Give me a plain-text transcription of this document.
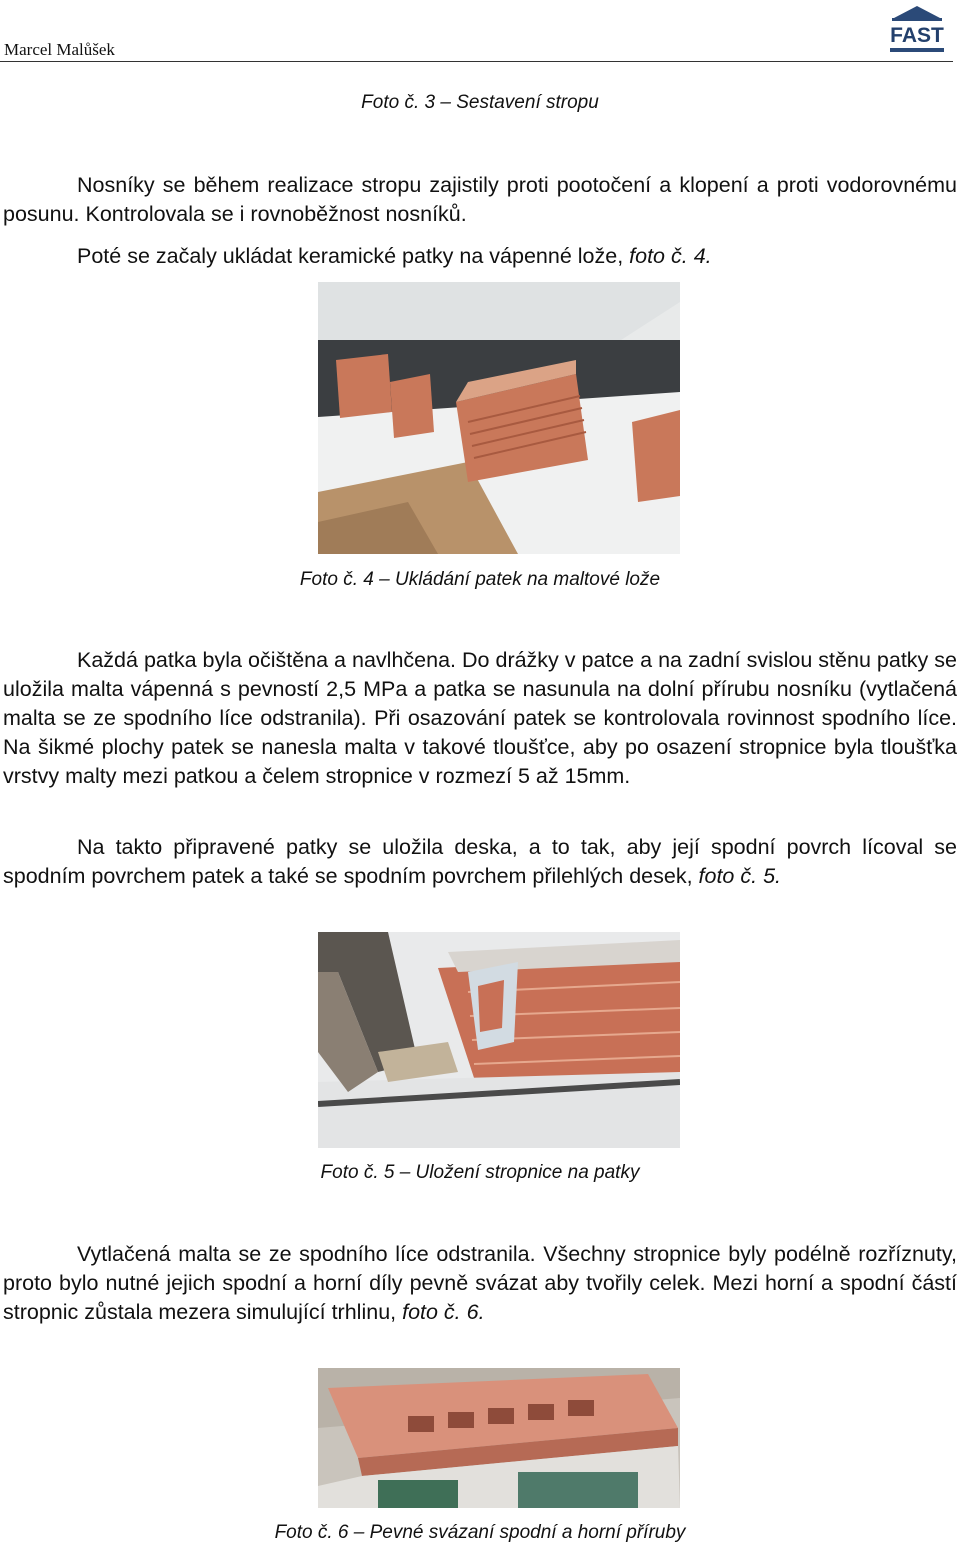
Marcel Malůšek
FAST
Foto č. 3 – Sestavení stropu
Nosníky se během realizace stropu zajistily proti pootočení a klopení a proti vodorovnému posunu. Kontrolovala se i rovnoběžnost nosníků.
Poté se začaly ukládat keramické patky na vápenné lože, foto č. 4.
Foto č. 4 – Ukládání patek na maltové lože
Každá patka byla očištěna a navlhčena. Do drážky v patce a na zadní svislou stěnu patky se uložila malta vápenná s pevností 2,5 MPa a patka se nasunula na dolní přírubu nosníku (vytlačená malta se ze spodního líce odstranila). Při osazování patek se kontrolovala rovinnost spodního líce. Na šikmé plochy patek se nanesla malta v takové tloušťce, aby po osazení stropnice byla tloušťka vrstvy malty mezi patkou a čelem stropnice v rozmezí 5 až 15mm.
Na takto připravené patky se uložila deska, a to tak, aby její spodní povrch lícoval se spodním povrchem patek a také se spodním povrchem přilehlých desek, foto č. 5.
Foto č. 5 – Uložení stropnice na patky
Vytlačená malta se ze spodního líce odstranila. Všechny stropnice byly podélně rozříznuty, proto bylo nutné jejich spodní a horní díly pevně svázat aby tvořily celek. Mezi horní a spodní částí stropnic zůstala mezera simulující trhlinu, foto č. 6.
Foto č. 6 – Pevné svázaní spodní a horní příruby
